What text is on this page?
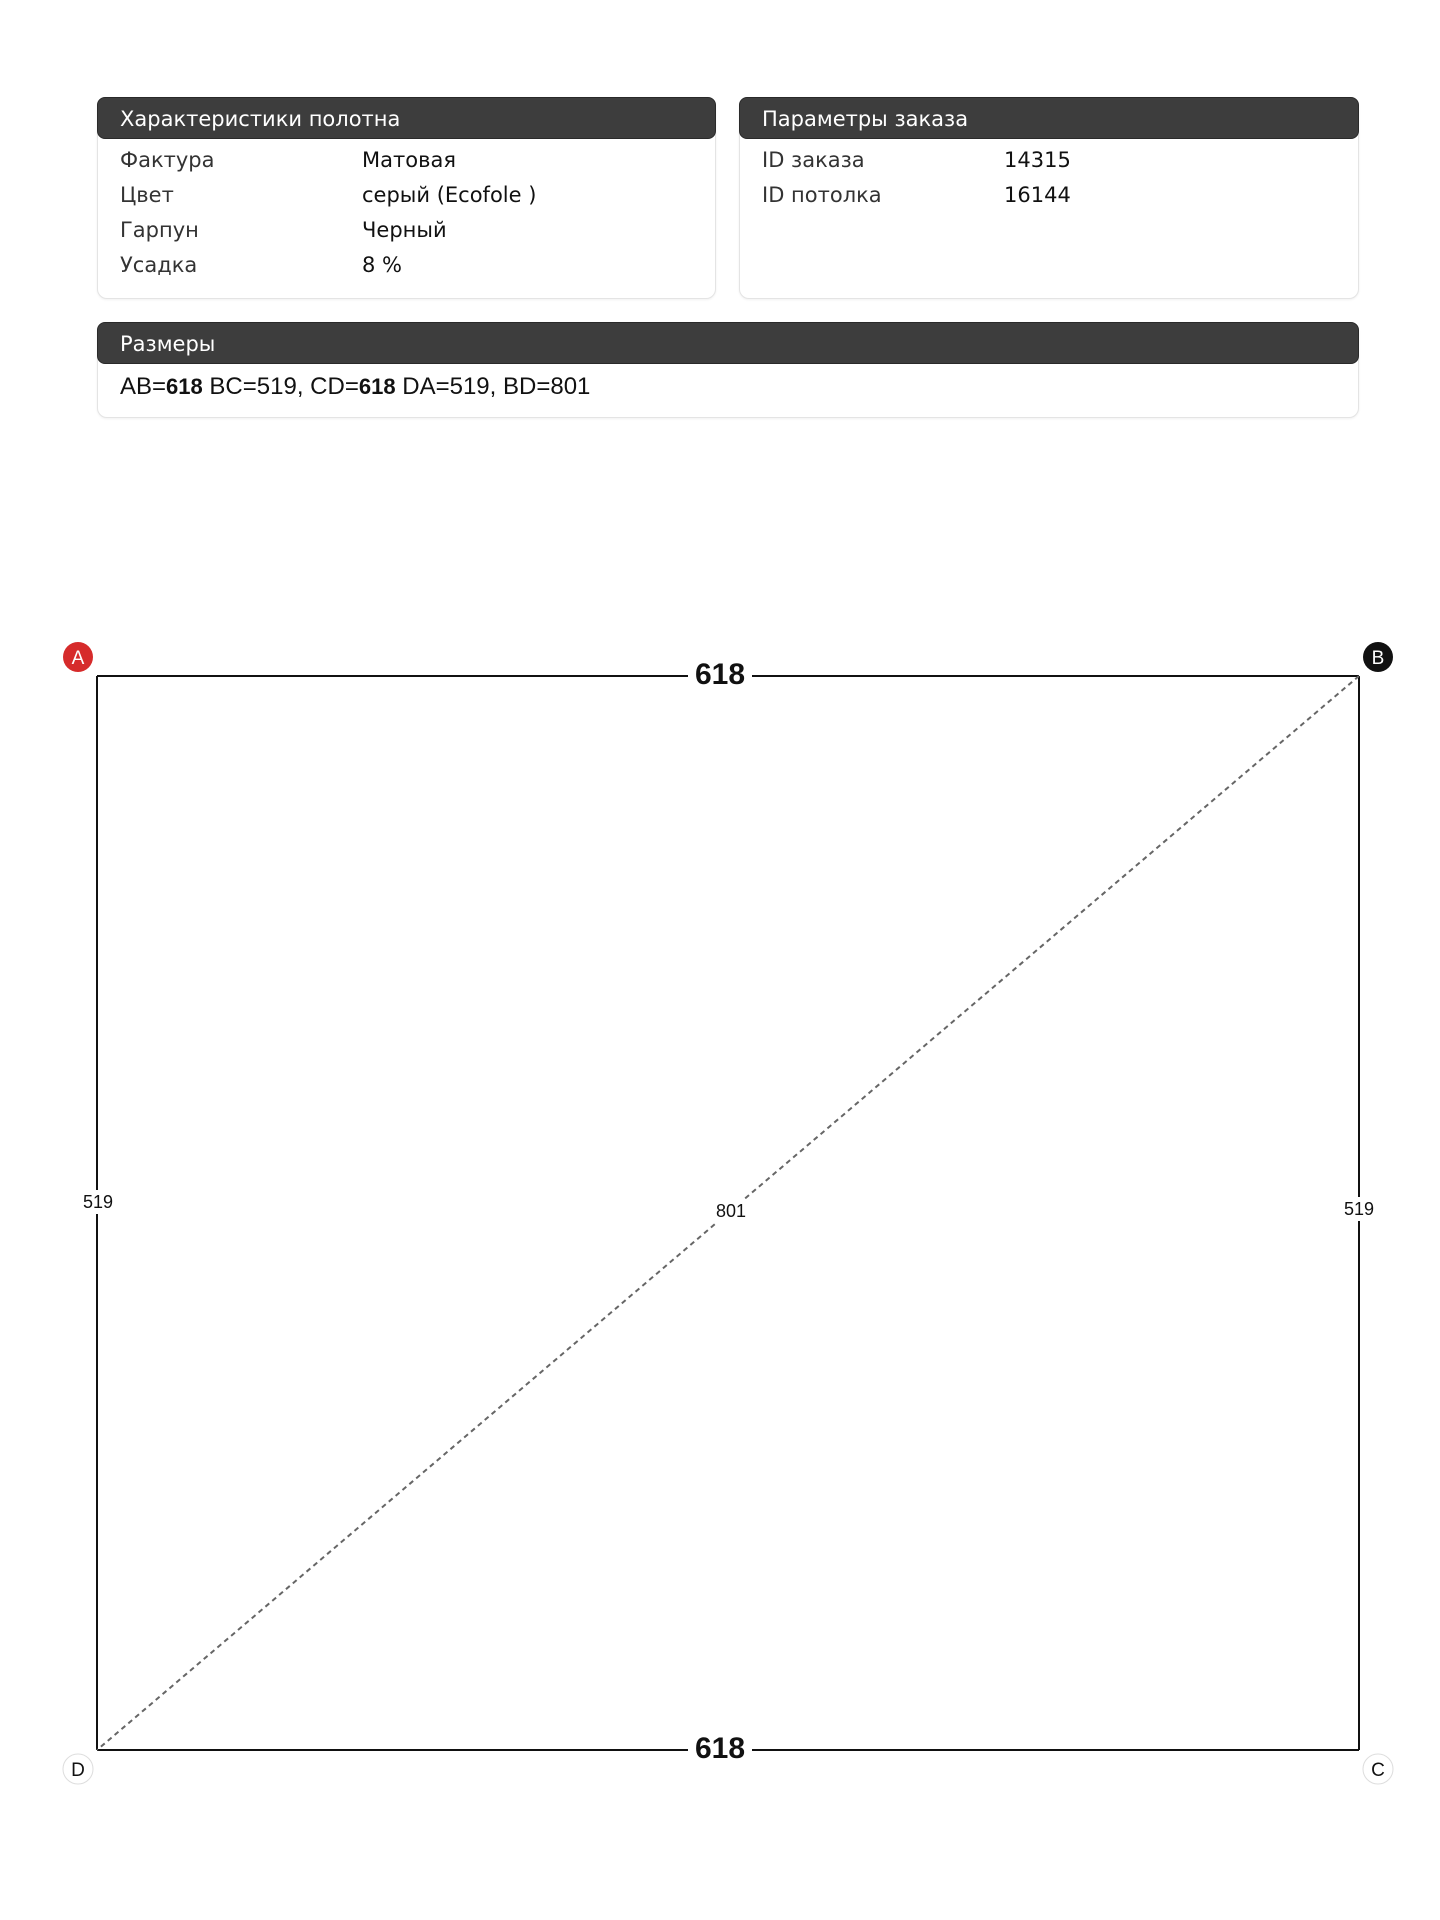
Характеристики полотна
Фактура	Матовая
Цвет	серый (Ecofole )
Гарпун	Черный
Усадка	8 %
Параметры заказа
ID заказа	14315
ID потолка	16144
Размеры
AB=618 BC=519, CD=618 DA=519, BD=801
618
618
519	519
801
A	B
C
D
